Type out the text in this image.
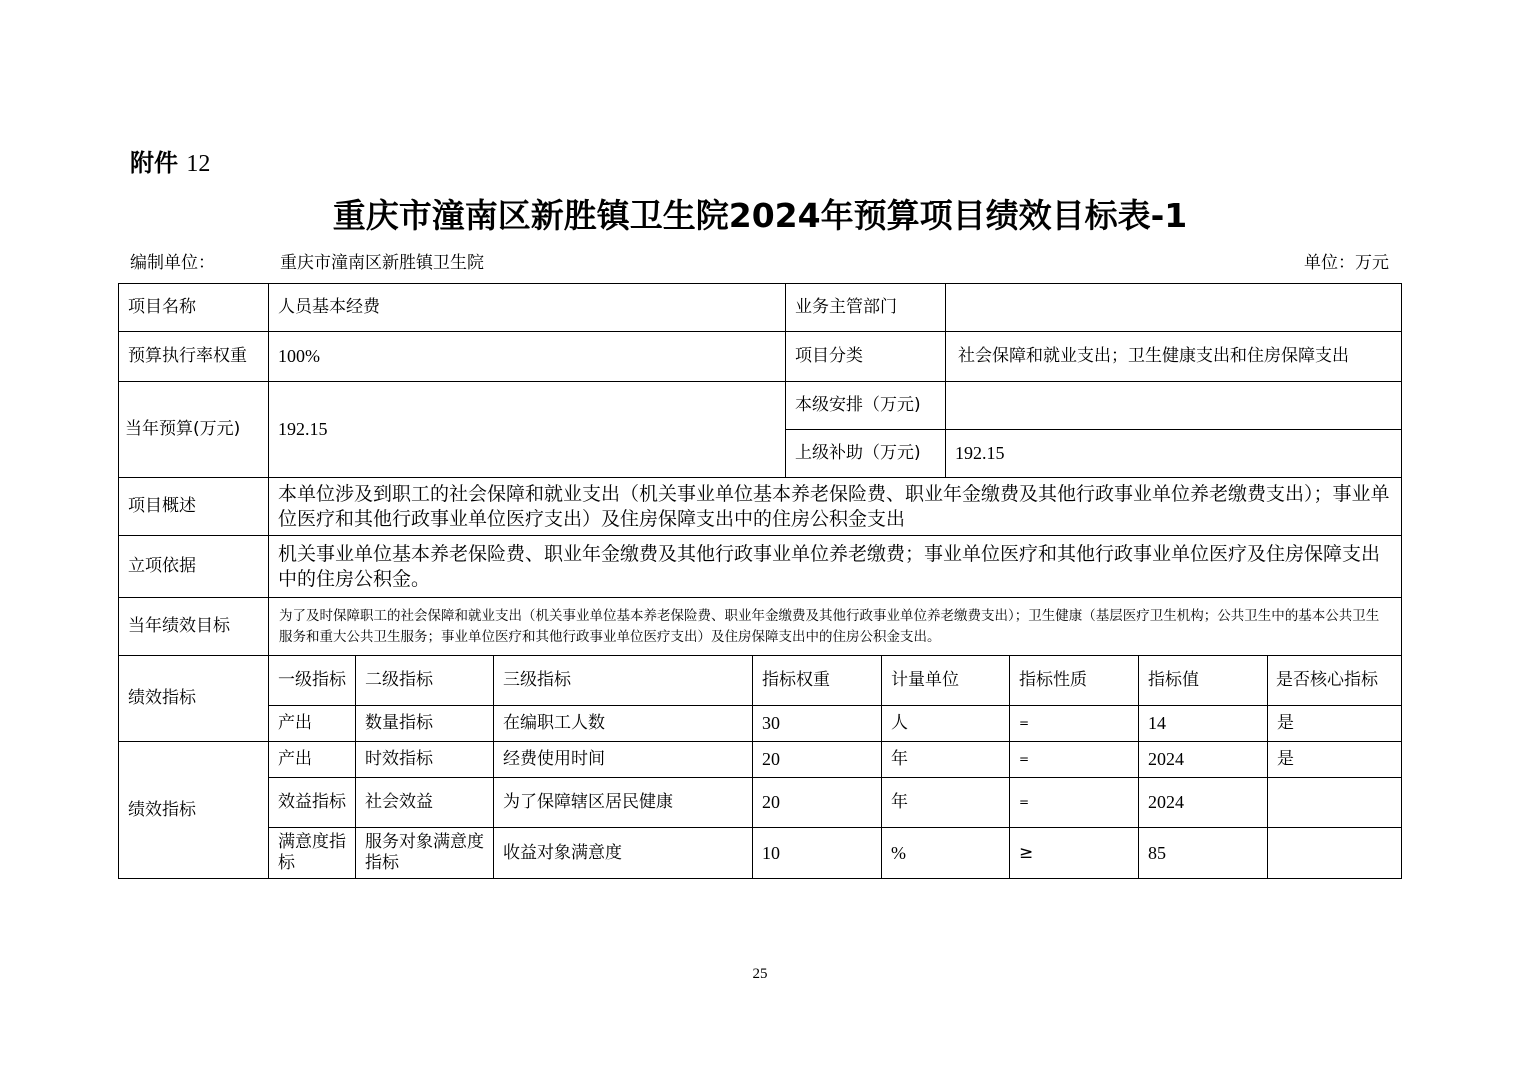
附件 12
重庆市潼南区新胜镇卫生院2024年预算项目绩效目标表-1
编制单位：	重庆市潼南区新胜镇卫生院	单位：万元
项目名称	人员基本经费	业务主管部门	
预算执行率权重	100%	项目分类	社会保障和就业支出；卫生健康支出和住房保障支出
当年预算(万元)	192.15	本级安排（万元)	
		上级补助（万元)	192.15
项目概述	本单位涉及到职工的社会保障和就业支出（机关事业单位基本养老保险费、职业年金缴费及其他行政事业单位养老缴费支出）；事业单位医疗和其他行政事业单位医疗支出）及住房保障支出中的住房公积金支出
立项依据	机关事业单位基本养老保险费、职业年金缴费及其他行政事业单位养老缴费；事业单位医疗和其他行政事业单位医疗及住房保障支出中的住房公积金。
当年绩效目标	为了及时保障职工的社会保障和就业支出（机关事业单位基本养老保险费、职业年金缴费及其他行政事业单位养老缴费支出）；卫生健康（基层医疗卫生机构；公共卫生中的基本公共卫生服务和重大公共卫生服务；事业单位医疗和其他行政事业单位医疗支出）及住房保障支出中的住房公积金支出。
绩效指标	一级指标	二级指标	三级指标	指标权重	计量单位	指标性质	指标值	是否核心指标
	产出	数量指标	在编职工人数	30	人	=	14	是
绩效指标	产出	时效指标	经费使用时间	20	年	=	2024	是
	效益指标	社会效益	为了保障辖区居民健康	20	年	=	2024	
	满意度指标	服务对象满意度指标	收益对象满意度	10	%	≥	85	
25
